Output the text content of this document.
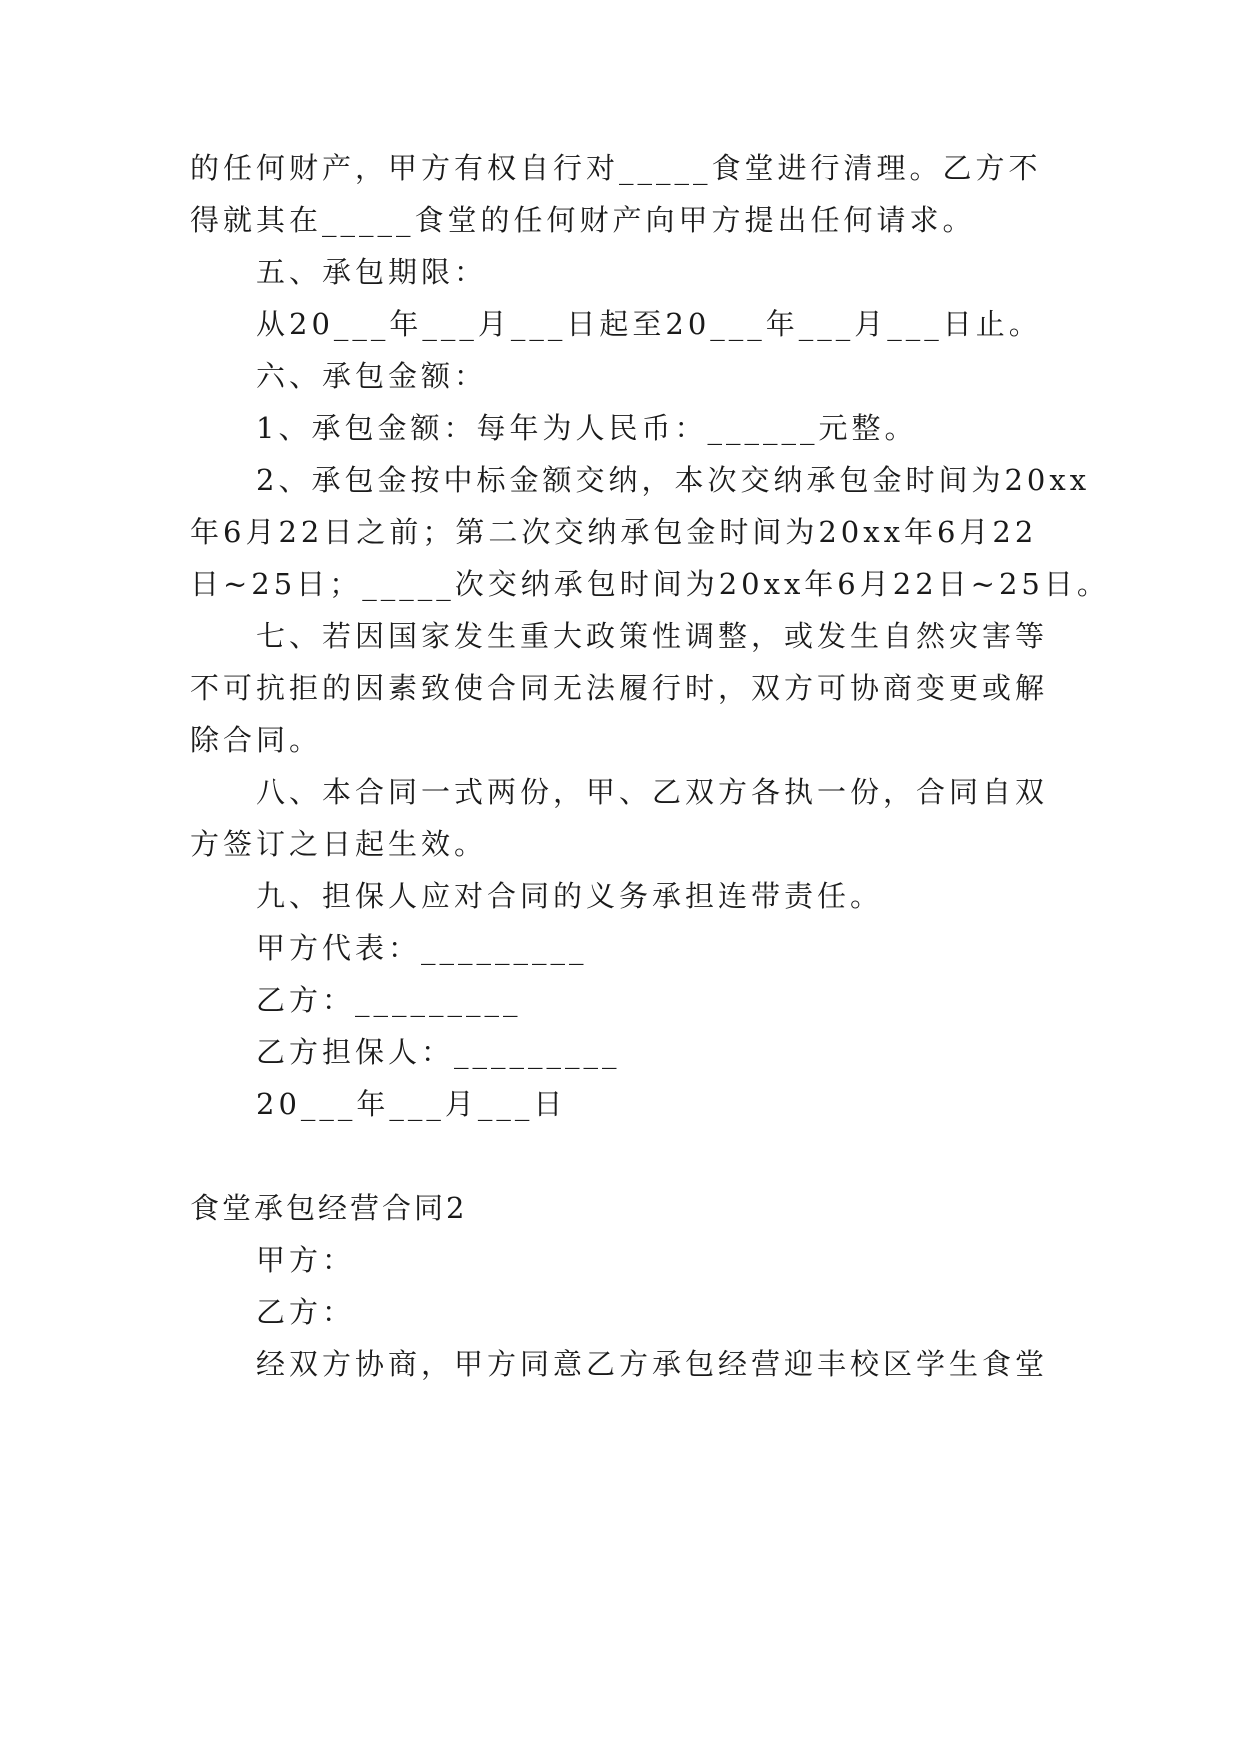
的任何财产，甲方有权自行对_____食堂进行清理。乙方不
得就其在_____食堂的任何财产向甲方提出任何请求。
五、承包期限：
从20___年___月___日起至20___年___月___日止。
六、承包金额：
1、承包金额：每年为人民币：______元整。
2、承包金按中标金额交纳，本次交纳承包金时间为20xx
年6月22日之前；第二次交纳承包金时间为20xx年6月22
日~25日；_____次交纳承包时间为20xx年6月22日~25日。
七、若因国家发生重大政策性调整，或发生自然灾害等
不可抗拒的因素致使合同无法履行时，双方可协商变更或解
除合同。
八、本合同一式两份，甲、乙双方各执一份，合同自双
方签订之日起生效。
九、担保人应对合同的义务承担连带责任。
甲方代表：_________
乙方：_________
乙方担保人：_________
20___年___月___日
食堂承包经营合同2
甲方：
乙方：
经双方协商，甲方同意乙方承包经营迎丰校区学生食堂
